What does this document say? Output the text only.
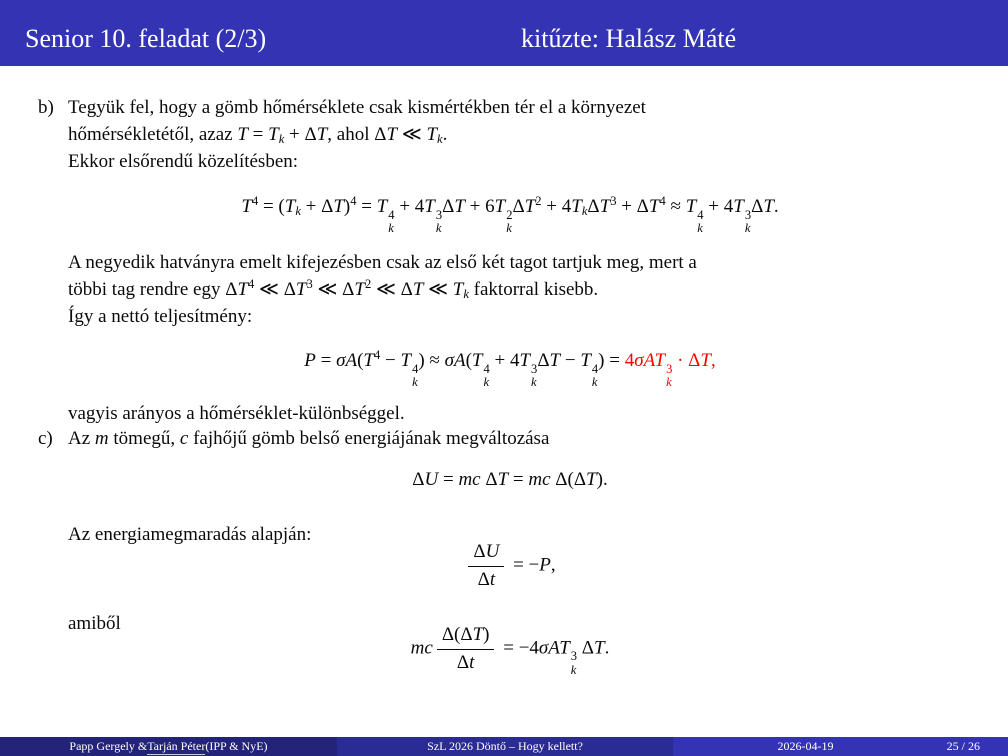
Senior 10. feladat (2/3)	kitűzte: Halász Máté
b) Tegyük fel, hogy a gömb hőmérséklete csak kismértékben tér el a környezet
hőmérsékletétől, azaz T = Tk + ΔT, ahol ΔT ≪ Tk.
Ekkor elsőrendű közelítésben:
$T^4 = (Tk + \Delta T)^4 = T$ 4
k
+ 4T 3
k
ΔT + 6T 2
k
$\Delta T^2 + 4Tk\Delta T^3 + \Delta T^4 \approx T$ 4
k
+ 4T 3
k
ΔT.
A negyedik hatványra emelt kifejezésben csak az első két tagot tartjuk meg, mert a
többi tag rendre egy $\Delta T^4$ ≪ $\Delta T^3$ ≪ $\Delta T^2$ ≪ ΔT ≪ Tk faktorral kisebb.
Így a nettó teljesítmény:
$P = \sigma A(T^4 - T$ 4
k
) ≈ σA(T 4
k
+ 4T 3
k
ΔT − T 4
k
) = 4σAT 3
k
· ΔT,
vagyis arányos a hőmérséklet-különbséggel.
c) Az m tömegű, c fajhőjű gömb belső energiájának megváltozása
ΔU = mc ΔT = mc Δ(ΔT).
Az energiamegmaradás alapján:
$\frac{\Delta U}{\Delta t} = -P$,
amiből
mc $\frac{\Delta(\Delta T)}{\Delta t} = -4\sigma AT$ 3
k
ΔT.
Papp Gergely & Tarján Péter (IPP & NyE)	SzL 2026 Döntő – Hogy kellett?	2026-04-19	25 / 26
